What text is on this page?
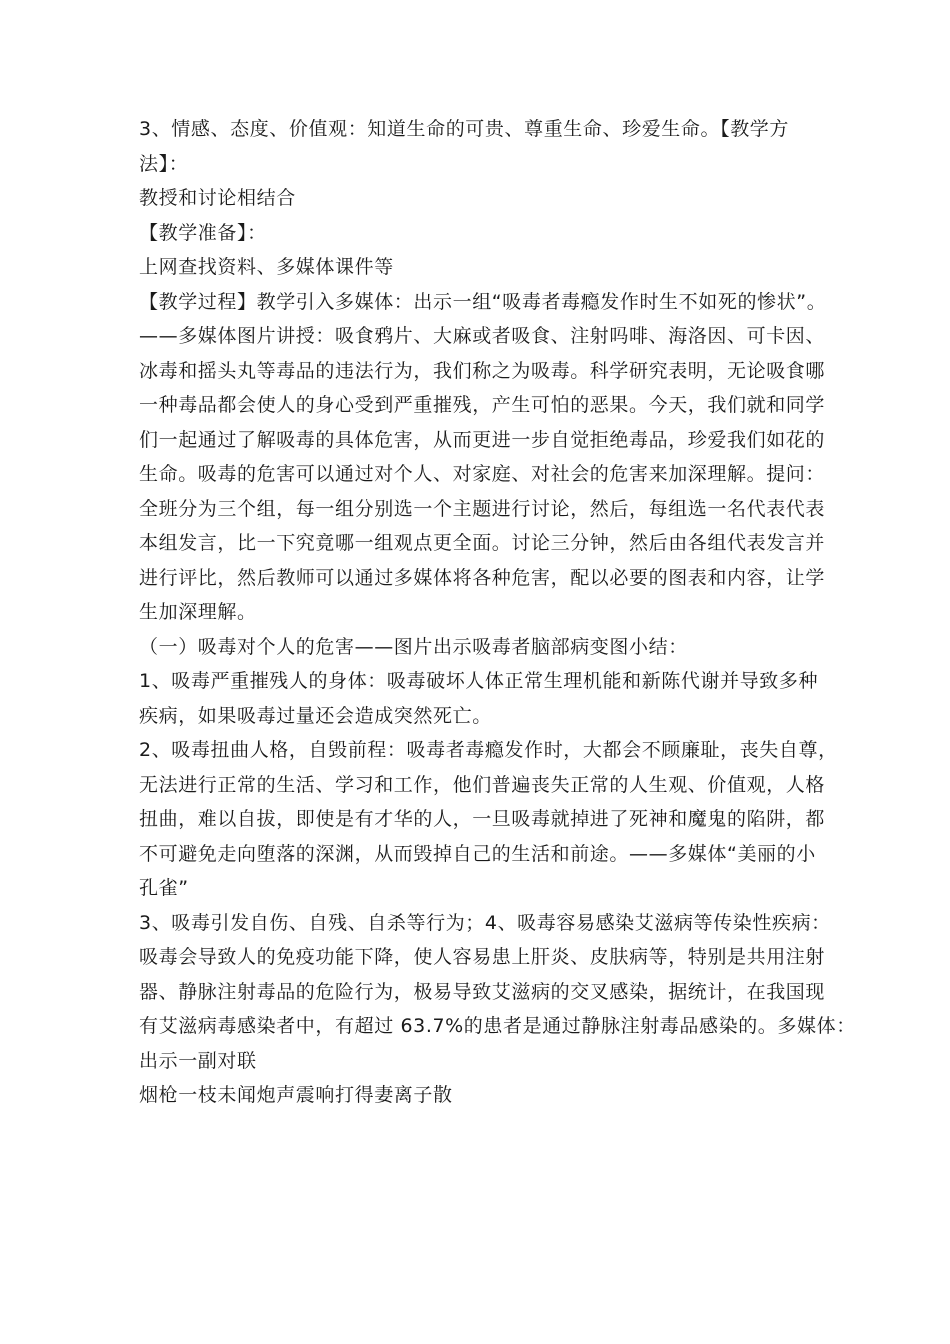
3、情感、态度、价值观：知道生命的可贵、尊重生命、珍爱生命。【教学方
法】：
教授和讨论相结合
【教学准备】：
上网查找资料、多媒体课件等
【教学过程】教学引入多媒体：出示一组“吸毒者毒瘾发作时生不如死的惨状”。
——多媒体图片讲授：吸食鸦片、大麻或者吸食、注射吗啡、海洛因、可卡因、
冰毒和摇头丸等毒品的违法行为，我们称之为吸毒。科学研究表明，无论吸食哪
一种毒品都会使人的身心受到严重摧残，产生可怕的恶果。今天，我们就和同学
们一起通过了解吸毒的具体危害，从而更进一步自觉拒绝毒品，珍爱我们如花的
生命。吸毒的危害可以通过对个人、对家庭、对社会的危害来加深理解。提问：
全班分为三个组，每一组分别选一个主题进行讨论，然后，每组选一名代表代表
本组发言，比一下究竟哪一组观点更全面。讨论三分钟，然后由各组代表发言并
进行评比，然后教师可以通过多媒体将各种危害，配以必要的图表和内容，让学
生加深理解。
（一）吸毒对个人的危害——图片出示吸毒者脑部病变图小结：
1、吸毒严重摧残人的身体：吸毒破坏人体正常生理机能和新陈代谢并导致多种
疾病，如果吸毒过量还会造成突然死亡。
2、吸毒扭曲人格，自毁前程：吸毒者毒瘾发作时，大都会不顾廉耻，丧失自尊，
无法进行正常的生活、学习和工作，他们普遍丧失正常的人生观、价值观，人格
扭曲，难以自拔，即使是有才华的人，一旦吸毒就掉进了死神和魔鬼的陷阱，都
不可避免走向堕落的深渊，从而毁掉自己的生活和前途。——多媒体“美丽的小
孔雀”
3、吸毒引发自伤、自残、自杀等行为；4、吸毒容易感染艾滋病等传染性疾病：
吸毒会导致人的免疫功能下降，使人容易患上肝炎、皮肤病等，特别是共用注射
器、静脉注射毒品的危险行为，极易导致艾滋病的交叉感染，据统计，在我国现
有艾滋病毒感染者中，有超过 63.7%的患者是通过静脉注射毒品感染的。多媒体：
出示一副对联
烟枪一枝未闻炮声震响打得妻离子散
